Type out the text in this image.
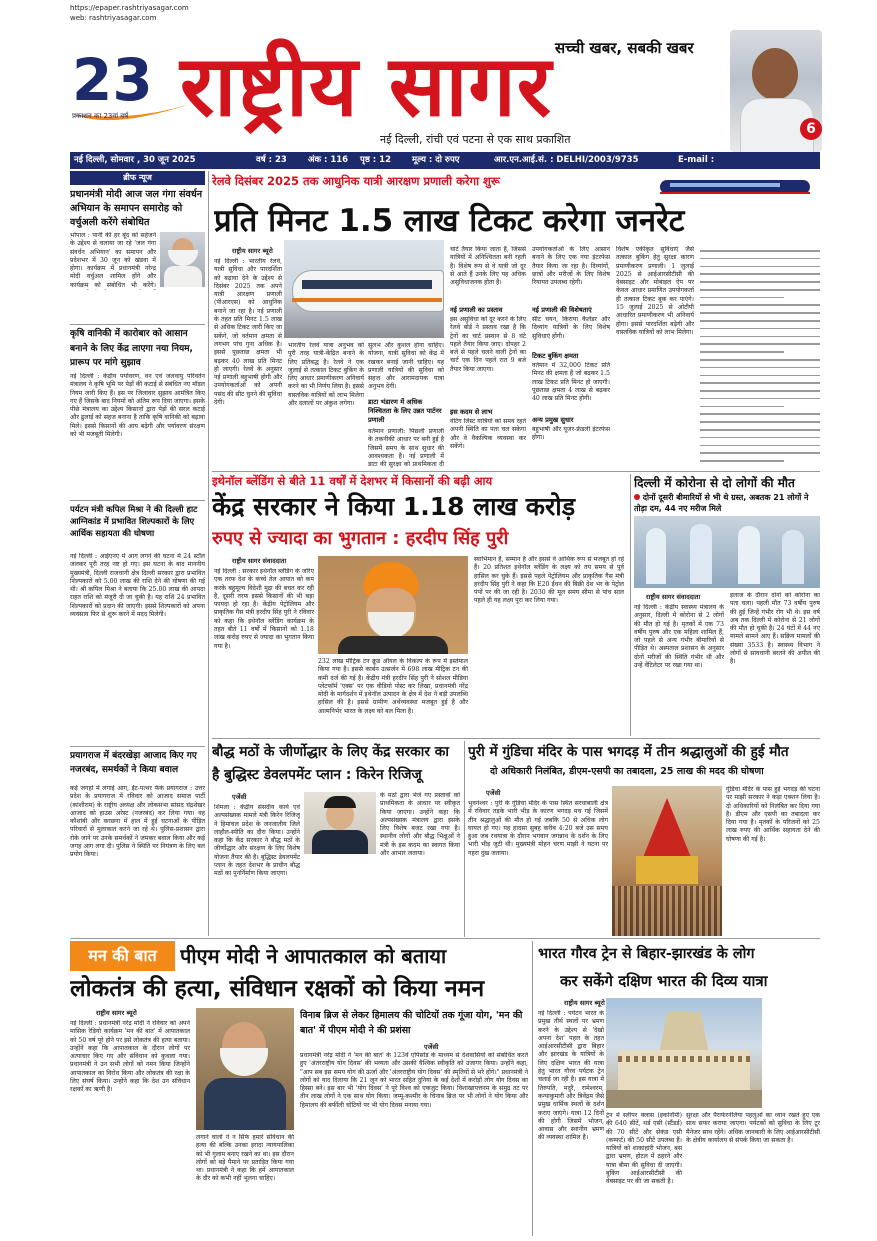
https://epaper.rashtriyasagar.com
web: rashtriyasagar.com
सच्ची खबर, सबकी खबर
23
प्रकाशन का 23वां वर्ष राष्ट्रीय सागर
नई दिल्ली, रांची एवं पटना से एक साथ प्रकाशित
6
नई दिल्ली, सोमवार , 30 जून 2025	वर्ष : 23 अंक : 116 पृष्ठ : 12 मूल्य : दो रुपए	आर.एन.आई.सं. : DELHI/2003/9735	E-mail :
ब्रीफ न्यूज
प्रधानमंत्री मोदी आज जल गंगा संवर्धन अभियान के समापन समारोह को वर्चुअली करेंगे संबोधित
भोपाल : पानी की हर बूंद को सहेजने के उद्देश्य से चलाया जा रहे 'जल गंगा संवर्धन अभियान' का समापन और प्रदेशभर में 30 जून को खंडवा में होगा। कार्यक्रम में प्रधानमंत्री नरेन्द्र मोदी वर्चुअल शामिल होंगे और कार्यक्रम को संबोधित भी करेंगे।
कृषि वानिकी में कारोबार को आसान बनाने के लिए केंद्र लाएगा नया नियम, प्रारूप पर मांगे सुझाव
नई दिल्ली : केंद्रीय पर्यावरण, वन एवं जलवायु परिवर्तन मंत्रालय ने कृषि भूमि पर पेड़ों की कटाई से संबंधित नए मॉडल नियम जारी किए हैं। इस पर जिलावार सुझाव आमंत्रित किए गए हैं जिसके बाद नियमों को अंतिम रूप दिया जाएगा। इसके पीछे मंत्रालय का उद्देश्य किसानों द्वारा पेड़ों की सरल कटाई और ढुलाई को सहज बनाना है ताकि कृषि वानिकी को बढ़ावा मिले। इससे किसानों की आय बढ़ेगी और पर्यावरण संरक्षण को भी मजबूती मिलेगी।
पर्यटन मंत्री कपिल मिश्रा ने की दिल्ली हाट आग्निकांड में प्रभावित शिल्पकारों के लिए आर्थिक सहायता की घोषणा
नई दिल्ली : आईएनए में आग लगने की घटना में 24 स्टॉल जलकर पूरी तरह नष्ट हो गए। इस घटना के बाद माननीय मुख्यमंत्री, दिल्ली राजधानी क्षेत्र दिल्ली सरकार द्वारा प्रभावित शिल्पकारों को 5.00 लाख की राशि देने की घोषणा की गई थी। श्री कपिल मिश्रा ने बताया कि 25.00 लाख की आपदा राहत राशि को मंजूरी दी जा चुकी है। यह राशि 24 प्रभावित शिल्पकारों को प्रदान की जाएगी। इससे शिल्पकारों को अपना व्यवसाय फिर से शुरू करने में मदद मिलेगी।
प्रयागराज में बंदरखेड़ा आजाद किए गए नजरबंद, समर्थकों ने किया बवाल
कई जगहों में लगाई आग, ईंट-पत्थर फेंके प्रयागराज : उत्तर प्रदेश के प्रयागराज में रविवार को आजाद समाज पार्टी (कांशीराम) के राष्ट्रीय अध्यक्ष और लोकसभा सांसद चंद्रशेखर आजाद को हाउस अरेस्ट (नजरबंद) कर लिया गया। वह कौशांबी और करछना में हाल में हुई घटनाओं के पीड़ित परिवारों से मुलाकात करने जा रहे थे। पुलिस-प्रशासन द्वारा रोके जाने पर उनके समर्थकों ने जमकर बवाल किया और कई जगह आग लगा दी। पुलिस ने स्थिति पर नियंत्रण के लिए बल प्रयोग किया।
रेलवे दिसंबर 2025 तक आधुनिक यात्री आरक्षण प्रणाली करेगा शुरू
प्रति मिनट 1.5 लाख टिकट करेगा जनरेट
राष्ट्रीय सागर ब्यूरो
नई दिल्ली : भारतीय रेलवे, यात्री सुविधा और पारदर्शिता को बढ़ावा देने के उद्देश्य से दिसंबर 2025 तक अपने यात्री आरक्षण प्रणाली (पीआरएस) को आधुनिक बनाने जा रहा है। नई प्रणाली के तहत प्रति मिनट 1.5 लाख से अधिक टिकट जारी किए जा सकेंगे, जो वर्तमान क्षमता से लगभग पांच गुना अधिक है। इससे पूछताछ क्षमता भी बढ़कर 40 लाख प्रति मिनट हो जाएगी। रेलवे के अनुसार नई प्रणाली बहुभाषी होगी और उपयोगकर्ताओं को अपनी पसंद की सीट चुनने की सुविधा देगी।
भारतीय रेलवे यात्रा अनुभव को पूरी तरह यात्री-केंद्रित बनाने के लिए प्रतिबद्ध है। रेलवे ने एक जुलाई से तत्काल टिकट बुकिंग के लिए आधार प्रमाणीकरण अनिवार्य करने का भी निर्णय लिया है। इससे वास्तविक यात्रियों को लाभ मिलेगा और दलालों पर अंकुश लगेगा।
सुलभ और कुशल होना चाहिए। योजना, यात्री सुविधा को केंद्र में रखकर बनाई जानी चाहिए। यह प्रणाली यात्रियों की सुविधा को सहज और आरामदायक यात्रा अनुभव देगी।
डाटा भंडारण में अधिक निश्चितता के लिए उन्नत पार्टनर प्रणाली
वर्तमान प्रणाली: पिछली प्रणाली के तकनीकी आधार पर बनी हुई है जिसमें समय के साथ सुधार की आवश्यकता है। नई प्रणाली में डाटा की सुरक्षा को प्राथमिकता दी
चार्ट तैयार किया जाता है, जिससे यात्रियों में अनिश्चितता बनी रहती है। विशेष रूप से वे यात्री जो दूर से आते हैं उनके लिए यह अधिक असुविधाजनक होता है।
नई प्रणाली का प्रस्ताव
इस असुविधा को दूर करने के लिए रेलवे बोर्ड ने प्रस्ताव रखा है कि ट्रेनों का चार्ट प्रस्थान से 8 घंटे पहले तैयार किया जाए। दोपहर 2 बजे से पहले चलने वाली ट्रेनों का चार्ट एक दिन पहले रात 9 बजे तैयार किया जाएगा।
इस कदम से लाभ
वेटिंग लिस्ट यात्रियों को समय रहते अपनी स्थिति का पता चल सकेगा और वे वैकल्पिक व्यवस्था कर सकेंगे।
उपयोगकर्ताओं के लिए आसान बनाने के लिए एक नया इंटरफेस तैयार किया जा रहा है। दिव्यांगों, छात्रों और मरीजों के लिए विशेष रियायत उपलब्ध रहेगी।
नई प्रणाली की विशेषताएं
सीट चयन, किराया कैलेंडर और दिव्यांग यात्रियों के लिए विशेष सुविधाएं होंगी।
टिकट बुकिंग क्षमता
वर्तमान में 32,000 टिकट प्रति मिनट की क्षमता है जो बढ़कर 1.5 लाख टिकट प्रति मिनट हो जाएगी। पूछताछ क्षमता 4 लाख से बढ़कर 40 लाख प्रति मिनट होगी।
अन्य प्रमुख सुधार
बहुभाषी और यूजर-फ्रेंडली इंटरफेस होगा।
विशेष एकीकृत सुविधाएं जैसे तत्काल बुकिंग हेतु सुरक्षा कारण प्रमाणीकरण प्रणाली। 1 जुलाई 2025 से आईआरसीटीसी की वेबसाइट और मोबाइल ऐप पर केवल आधार प्रमाणित उपयोगकर्ता ही तत्काल टिकट बुक कर पाएंगे। 15 जुलाई 2025 से ओटीपी आधारित प्रमाणीकरण भी अनिवार्य होगा। इससे पारदर्शिता बढ़ेगी और वास्तविक यात्रियों को लाभ मिलेगा।
इथेनॉल ब्लेंडिंग से बीते 11 वर्षों में देशभर में किसानों की बढ़ी आय
केंद्र सरकार ने किया 1.18 लाख करोड़
रुपए से ज्यादा का भुगतान : हरदीप सिंह पुरी
राष्ट्रीय सागर संवाददाता
नई दिल्ली : सरकार इथेनॉल ब्लेंडिंग के जरिए एक तरफ देश के कच्चे तेल आयात को कम करके बहुमूल्य विदेशी मुद्रा की बचत कर रही है, दूसरी तरफ इससे किसानों की भी बड़ा फायदा हो रहा है। केंद्रीय पेट्रोलियम और प्राकृतिक गैस मंत्री हरदीप सिंह पुरी ने रविवार को कहा कि इथेनॉल ब्लेंडिंग कार्यक्रम के तहत बीते 11 वर्षों में किसानों को 1.18 लाख करोड़ रुपए से ज्यादा का भुगतान किया गया है।
232 लाख मीट्रिक टन क्रूड ऑयल के विकल्प के रूप में इस्तेमाल किया गया है। इससे कार्बन उत्सर्जन में 698 लाख मीट्रिक टन की कमी दर्ज की गई है। केंद्रीय मंत्री हरदीप सिंह पुरी ने सोशल मीडिया प्लेटफॉर्म 'एक्स' पर एक वीडियो पोस्ट कर लिखा, प्रधानमंत्री नरेंद्र मोदी के मार्गदर्शन में इथेनॉल उत्पादन के क्षेत्र में देश ने बड़ी उपलब्धि हासिल की है। इससे ग्रामीण अर्थव्यवस्था मजबूत हुई है और आत्मनिर्भर भारत के लक्ष्य को बल मिला है।
स्वाभिमान है, सम्मान है और इससे वे आर्थिक रूप से मजबूत हो रहे हैं। 20 प्रतिशत इथेनॉल ब्लेंडिंग के लक्ष्य को तय समय से पूर्व हासिल कर चुके हैं। इससे पहले पेट्रोलियम और प्राकृतिक गैस मंत्री हरदीप सिंह पुरी ने कहा कि E20 ईंधन की बिक्री देश भर के पेट्रोल पंपों पर की जा रही है। 2030 की मूल समय सीमा से पांच साल पहले ही यह लक्ष्य पूरा कर लिया गया।
दिल्ली में कोरोना से दो लोगों की मौत
दोनों दूसरी बीमारियों से भी थे ग्रस्त, अबतक 21 लोगों ने तोड़ा दम, 44 नए मरीज मिले
राष्ट्रीय सागर संवाददाता
नई दिल्ली : केंद्रीय स्वास्थ्य मंत्रालय के अनुसार, दिल्ली में कोरोना से 2 लोगों की मौत हो गई है। मृतकों में एक 73 वर्षीय पुरुष और एक महिला शामिल हैं, जो पहले से अन्य गंभीर बीमारियों से पीड़ित थे। अस्पताल प्रशासन के अनुसार दोनों मरीजों की स्थिति गंभीर थी और उन्हें वेंटिलेटर पर रखा गया था।
इलाज के दौरान दोनों को कोरोना का पता चला। पहली मौत 73 वर्षीय पुरुष की हुई जिन्हें गंभीर रोग भी थे। इस वर्ष अब तक दिल्ली में कोरोना से 21 लोगों की मौत हो चुकी है। 24 घंटों में 44 नए मामले सामने आए हैं। सक्रिय मामलों की संख्या 3533 है। स्वास्थ्य विभाग ने लोगों से सावधानी बरतने की अपील की है।
बौद्ध मठों के जीर्णोद्धार के लिए केंद्र सरकार का है बुद्धिस्ट डेवलपमेंट प्लान : किरेन रिजिजू
एजेंसी
शिमला : केंद्रीय संसदीय कार्य एवं अल्पसंख्यक मामले मंत्री किरेन रिजिजू ने हिमाचल प्रदेश के जनजातीय जिले लाहौल-स्पीति का दौरा किया। उन्होंने कहा कि केंद्र सरकार ने बौद्ध मठों के जीर्णोद्धार और संरक्षण के लिए विशेष योजना तैयार की है। बुद्धिस्ट डेवलपमेंट प्लान के तहत देशभर के प्राचीन बौद्ध मठों का पुनर्निर्माण किया जाएगा।
के मठों द्वारा भेजे गए प्रस्तावों को प्राथमिकता के आधार पर स्वीकृत किया जाएगा। उन्होंने कहा कि अल्पसंख्यक मंत्रालय द्वारा इसके लिए विशेष बजट रखा गया है। स्थानीय लोगों और बौद्ध भिक्षुओं ने मंत्री के इस कदम का स्वागत किया और आभार जताया।
पुरी में गुंडिचा मंदिर के पास भगदड़ में तीन श्रद्धालुओं की हुई मौत
दो अधिकारी निलंबित, डीएम-एसपी का तबादला, 25 लाख की मदद की घोषणा
एजेंसी
भुवनेश्वर : पुरी के गुंडिचा मंदिर के पास स्थित सरधाबाली क्षेत्र में रविवार तड़के भारी भीड़ के कारण भगदड़ मच गई जिसमें तीन श्रद्धालुओं की मौत हो गई जबकि 50 से अधिक लोग घायल हो गए। यह हादसा सुबह करीब 4:20 बजे उस समय हुआ जब रथयात्रा के दौरान भगवान जगन्नाथ के दर्शन के लिए भारी भीड़ जुटी थी। मुख्यमंत्री मोहन चरण माझी ने घटना पर गहरा दुख जताया।
गुंडिचा मंदिर के पास हुई भगदड़ की घटना पर माझी सरकार ने कड़ा एक्शन लिया है। दो अधिकारियों को निलंबित कर दिया गया है। डीएम और एसपी का तबादला कर दिया गया है। मृतकों के परिजनों को 25 लाख रुपए की आर्थिक सहायता देने की घोषणा की गई है।
मन की बात	पीएम मोदी ने आपातकाल को बताया
लोकतंत्र की हत्या, संविधान रक्षकों को किया नमन
भारत गौरव ट्रेन से बिहार-झारखंड के लोग
कर सकेंगे दक्षिण भारत की दिव्य यात्रा
राष्ट्रीय सागर ब्यूरो
नई दिल्ली : प्रधानमंत्री नरेंद्र मोदी ने रविवार को अपने मासिक रेडियो कार्यक्रम 'मन की बात' में आपातकाल को 50 वर्ष पूरे होने पर इसे लोकतंत्र की हत्या बताया। उन्होंने कहा कि आपातकाल के दौरान लोगों पर अत्याचार किए गए और संविधान को कुचला गया। प्रधानमंत्री ने उन सभी लोगों को नमन किया जिन्होंने आपातकाल का विरोध किया और लोकतंत्र की रक्षा के लिए संघर्ष किया। उन्होंने कहा कि देश उन संविधान रक्षकों का ऋणी है।
लगाने वालों ने न सिर्फ हमारे संविधान की हत्या की बल्कि उनका इरादा न्यायपालिका को भी गुलाम बनाए रखने का था। इस दौरान लोगों को बड़े पैमाने पर प्रताड़ित किया गया था। प्रधानमंत्री ने कहा कि हमें आपातकाल के दौर को कभी नहीं भूलना चाहिए।
विनाब ब्रिज से लेकर हिमालय की चोटियों तक गूंजा योग, 'मन की बात' में पीएम मोदी ने की प्रशंसा
एजेंसी
प्रधानमंत्री नरेंद्र मोदी ने 'मन की बात' के 123वें एपिसोड के माध्यम से देशवासियों को संबोधित करते हुए 'अंतरराष्ट्रीय योग दिवस' की भव्यता और उसकी वैश्विक स्वीकृति को उजागर किया। उन्होंने कहा, "आप सब इस समय योग की ऊर्जा और 'अंतरराष्ट्रीय योग दिवस' की स्मृतियों से भरे होंगे।" प्रधानमंत्री ने लोगों को याद दिलाया कि 21 जून को भारत सहित दुनिया के कई देशों में करोड़ों लोग योग दिवस का हिस्सा बने। इस बार भी 'योग दिवस' ने पूरे विश्व को एकजुट किया। विशाखापत्तनम के समुद्र तट पर तीन लाख लोगों ने एक साथ योग किया। जम्मू-कश्मीर के चिनाब ब्रिज पर भी लोगों ने योग किया और हिमालय की बर्फीली चोटियों पर भी योग दिवस मनाया गया।
राष्ट्रीय सागर ब्यूरो
नई दिल्ली : पर्यटन भारत के प्रमुख तीर्थ स्थलों पर भ्रमण करने के उद्देश्य से 'देखो अपना देश' पहल के तहत आईआरसीटीसी द्वारा बिहार और झारखंड के यात्रियों के लिए दक्षिण भारत की यात्रा हेतु भारत गौरव पर्यटक ट्रेन चलाई जा रही है। इस यात्रा में तिरुपति, मदुरै, रामेश्वरम, कन्याकुमारी और त्रिवेंद्रम जैसे प्रमुख धार्मिक स्थलों के दर्शन कराए जाएंगे। यात्रा 12 दिनों की होगी जिसमें भोजन, आवास और स्थानीय भ्रमण की व्यवस्था शामिल है।
ट्रेन में स्लीपर क्लास (इकोनॉमी) की 640 सीटें, थर्ड एसी (स्टैंडर्ड) की 70 सीटें और सेकंड एसी (कम्फर्ट) की 50 सीटें उपलब्ध हैं। यात्रियों को शाकाहारी भोजन, बस द्वारा भ्रमण, होटल में ठहरने और यात्रा बीमा की सुविधा दी जाएगी। बुकिंग आईआरसीटीसी की वेबसाइट पर की जा सकती है।
सुरक्षा और पैराफेरनेलिया पहलुओं का ध्यान रखते हुए एक साथ सफर कराया जाएगा। पर्यटकों को सुविधा के लिए टूर मैनेजर साथ रहेंगे। अधिक जानकारी के लिए आईआरसीटीसी के क्षेत्रीय कार्यालय से संपर्क किया जा सकता है।
